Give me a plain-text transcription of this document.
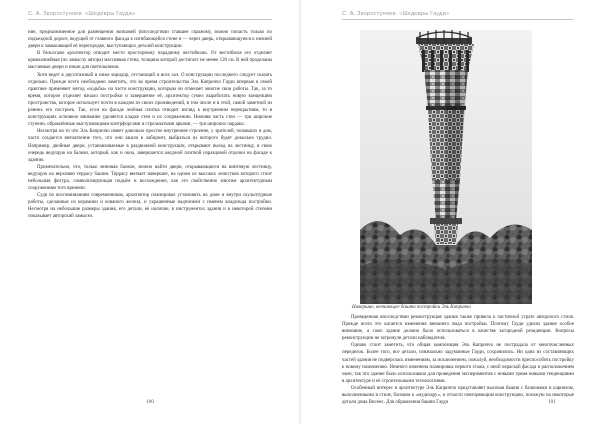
С. А. Зворостуняев. «Шедевры Гауди»

ние, предназначенное для размещения экипажей (впоследствии ставшее гаражом), можно попасть только по подъездной дороге, ведущей от главного фасада к изгибающейся стене и — через дверь, открывающуюся к нижней двери к замыкающей её перегородке, выступающих деталей конструкции.

В бельэтаже архитектор отводит место просторному парадному вестибюлю. От вестибюля его отделяет криволинейная (по замыслу автора) массивная стена, толщина которой достигает не менее 120 см. В ней проделаны массивные двери и ниши для светильников.

Хотя ведет в двухэтажный и ниже коридор, отстающий и всех зал. О конструкции последнего следует сказать отдельно. Прежде всего необходимо заметить, что во время строительства Эль Каприччо Гауди впервые в своей практике применяет метод «ходьбы» на части конструкции, которым он отмечает многие свои работы. Так, за то время, которое отделяет начало постройки и завершение её, архитектор сумел выработать новую концепцию пространства, которое использует почти в каждом из своих произведений, в том числе и в этой, самой заметной из ранних его построек. Так, если на фасаде зелёная плитка отводит взгляд к внутренним перекрытиям, то в конструкциях основное внимание уделяется кладке стен и их сопряжению. Нижняя часть стен — три широкие ступени, обрамлённые выступающими контрфорсами и стрельчатыми арками, — три широких чардака.

Несмотря на то что Эль Каприччо имеет довольно простое внутреннее строение, у зрителей, попавших в дом, часто создается впечатление того, что они зашли в лабиринт, выбраться из которого будет довольно трудно. Например, двойные двери, устанавливаемые в раздвижной конструкции, открывают выход на лестницу, в свою очередь ведущую на балкон, который, как и окна, завершается ажурной плиткой изразцовой отделки на фасаде к зданию.

Примечательно, что, только миновав балкон, можно найти двери, открывающиеся на винтовую лестницу, ведущую на верхнюю террасу башни. Террасу венчает навершие, на одном из высоких лепестков которого стоит небольшая фигура, символизирующая подъём и восхождение, как это свойственно многим архитектурным сооружениям того времени.

Судя по воспоминаниям современников, архитектор планировал установить на доме и внутри скульптурные работы, сделанные из керамики и кованого железа, и украшенные надписями с именем владельца постройки. Несмотря на небольшие размеры здания, его детали, её наличие, в инструментах здания и в некоторой степени показывает авторский замысел.

100
С. А. Зворостуняев. «Шедевры Гауди»
Навершие, венчающее башню постройки Эль Каприччо

Проведенная впоследствии реконструкция здания также привела к частичной утрате авторского стиля. Прежде всего это касается изменения внешнего вида постройки. Поэтому Гауди уделял здание особое внимание, а само здание должно было использоваться в качестве загородной резиденции. Вопросы реконструкции не затронули детали наблюдателя.

Однако стоит заметить, что общая композиция Эль Каприччо не пострадала от многочисленных переделок. Более того, все детали, изначально задуманные Гауди, сохранились. Ни одна из составляющих частей здания не подверглась изменениям, за исключением, пожалуй, необходимости приспособить постройку к новому назначению. Немного изменена планировка первого этажа, с иной окраской фасада и расположением окон, так что здание было использовано для проведения экспериментов с новыми тремя новыми тенденциями в архитектуре и её строительными технологиями.

Особенный интерес в архитектуре Эль Каприччо представляет высокая башня с балконами и карнизом, выполненными в стиле, близком к «мудехару», и отчасти повторяющим конструкцию, похожую на некоторые детали дома Висенс. Для обрамления башни Гауди	101
